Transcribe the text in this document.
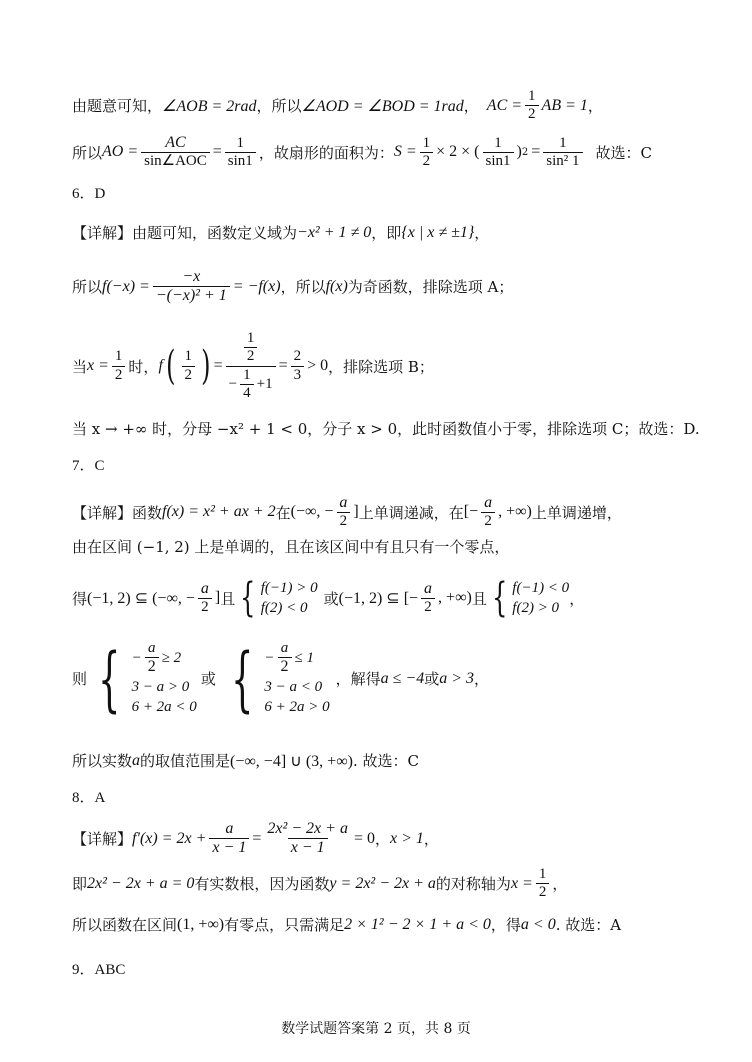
由题意可知， ∠AOB = 2rad ，所以 ∠AOD = ∠BOD = 1rad ， AC = $\frac{1}{2}$ AB = 1 ，
所以 AO = $\frac{AC}{\text{sin∠AOC}} = \frac{1}{\sin 1}$ ，故扇形的面积为： $S = \frac{1}{2} \times 2$ × ( $\frac{1}{\sin 1}$ ) $2 = \frac{1}{\text{sin² 1}}$ 故选：C
6．D
【详解】由题可知，函数定义域为 −x² + 1 ≠ 0 ，即 {x | x ≠ ±1} ，
所以 $f(-x) = \frac{-x}{\text{−(−x)² + 1}} = -f(x)$ ，所以 f(x) 为奇函数，排除选项 A；
当 $x = \frac{1}{2}$ 时， f ( $\frac{1}{2}$ ) = $\frac{\frac{1}{2}}{- \frac{1}{4} +1} = \frac{2}{3} > 0$ ，排除选项 B；
当 x → +∞ 时，分母 −x² + 1 < 0，分子 x > 0，此时函数值小于零，排除选项 C；故选：D.
7．C
【详解】函数 f(x) = x² + ax + 2 在 (−∞, − $\frac{a}{2}$ ] 上单调递减，在 [− $\frac{a}{2}$ , +∞) 上单调递增，
由在区间 (−1, 2) 上是单调的，且在该区间中有且只有一个零点，
得 (−1, 2) ⊆ (−∞, − $\frac{a}{2}$ ] 且 { f(−1) > 0
f(2) < 0
或 (−1, 2) ⊆ [− $\frac{a}{2}$ , +∞) 且 { f(−1) < 0
f(2) > 0
，
则 { − $\frac{a}{2} \ge 2$
3 − a > 0
6 + 2a < 0
或 { − $\frac{a}{2} \le 1$
3 − a < 0
6 + 2a > 0
，解得 a ≤ −4 或 a > 3 ，
所以实数 a 的取值范围是 (−∞, −4] ∪ (3, +∞) . 故选：C
8．A
【详解】 $f'(x) = 2x + \frac{a}{x - 1} = \frac{\text{2x² − 2x + a}}{x - 1} = 0$ ， x > 1 ，
即 2x² − 2x + a = 0 有实数根，因为函数 y = 2x² − 2x + a 的对称轴为 $x = \frac{1}{2}$ ，
所以函数在区间 (1, +∞) 有零点，只需满足 2 × 1² − 2 × 1 + a < 0 ，得 a < 0 . 故选：A
9．ABC
数学试题答案第 2 页，共 8 页
